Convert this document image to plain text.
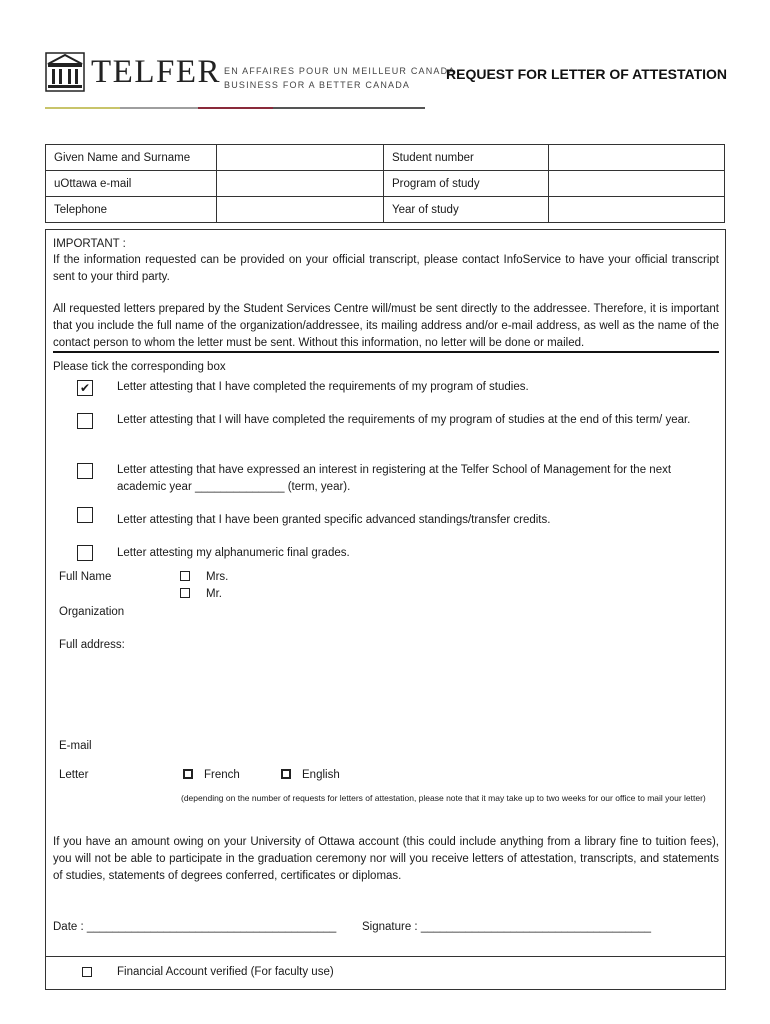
TELFER EN AFFAIRES POUR UN MEILLEUR CANADA
BUSINESS FOR A BETTER CANADA
REQUEST FOR LETTER OF ATTESTATION
Given Name and Surname		Student number	
uOttawa e-mail		Program of study	
Telephone		Year of study	
IMPORTANT :
If the information requested can be provided on your official transcript, please contact InfoService to have your official transcript sent to your third party.
All requested letters prepared by the Student Services Centre will/must be sent directly to the addressee. Therefore, it is important that you include the full name of the organization/addressee, its mailing address and/or e-mail address, as well as the name of the contact person to whom the letter must be sent. Without this information, no letter will be done or mailed.
Please tick the corresponding box
✔ Letter attesting that I have completed the requirements of my program of studies.
Letter attesting that I will have completed the requirements of my program of studies at the end of this term/ year.
Letter attesting that have expressed an interest in registering at the Telfer School of Management for the next academic year ______________ (term, year).
Letter attesting that I have been granted specific advanced standings/transfer credits.
Letter attesting my alphanumeric final grades.
Full Name	Mrs.
Mr.
Organization
Full address:
E-mail
Letter	French
(depending on the number of requests for letters of attestation, please note that it may take up to two weeks for our office to mail your letter)
English
If you have an amount owing on your University of Ottawa account (this could include anything from a library fine to tuition fees), you will not be able to participate in the graduation ceremony nor will you receive letters of attestation, transcripts, and statements of studies, statements of degrees conferred, certificates or diplomas.
Date : _______________________________________ Signature : ____________________________________
Financial Account verified (For faculty use)
